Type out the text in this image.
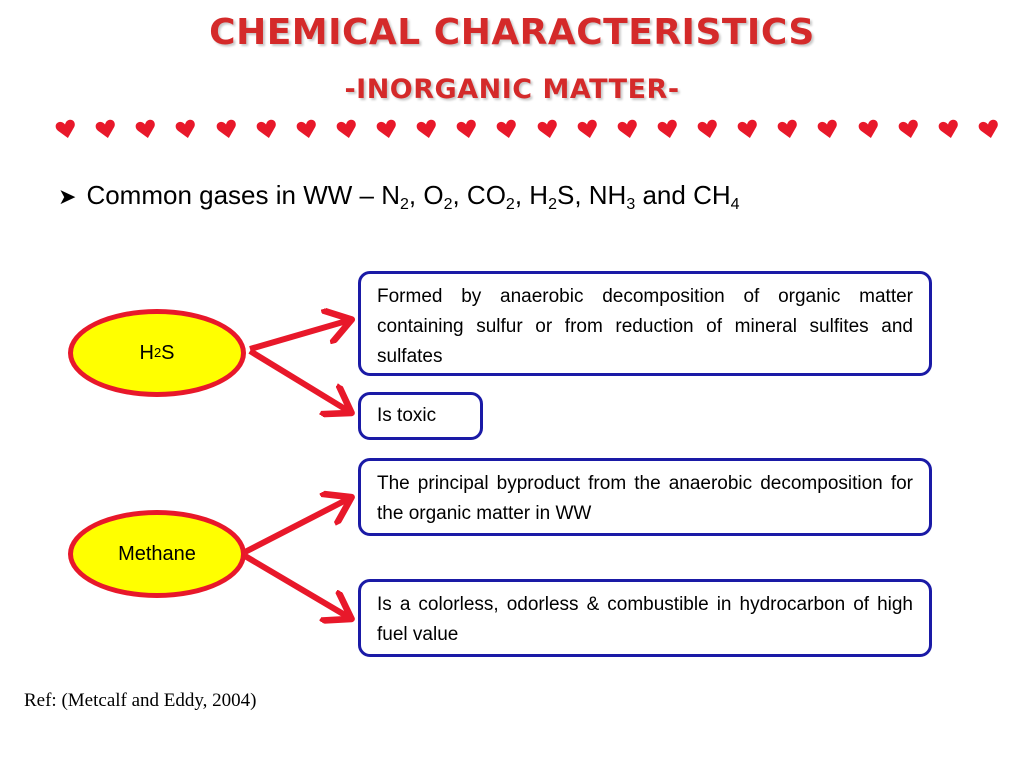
CHEMICAL CHARACTERISTICS
-INORGANIC MATTER-
➤ Common gases in WW – $N_2$, $O_2$, $CO_2$, $H_2S$, $NH_3$ and $CH_4$
H 2 S
Methane
Formed by anaerobic decomposition of organic matter containing sulfur or from reduction of mineral sulfites and sulfates
Is toxic
The principal byproduct from the anaerobic decomposition for the organic matter in WW
Is a colorless, odorless & combustible in hydrocarbon of high fuel value
Ref: (Metcalf and Eddy, 2004)
